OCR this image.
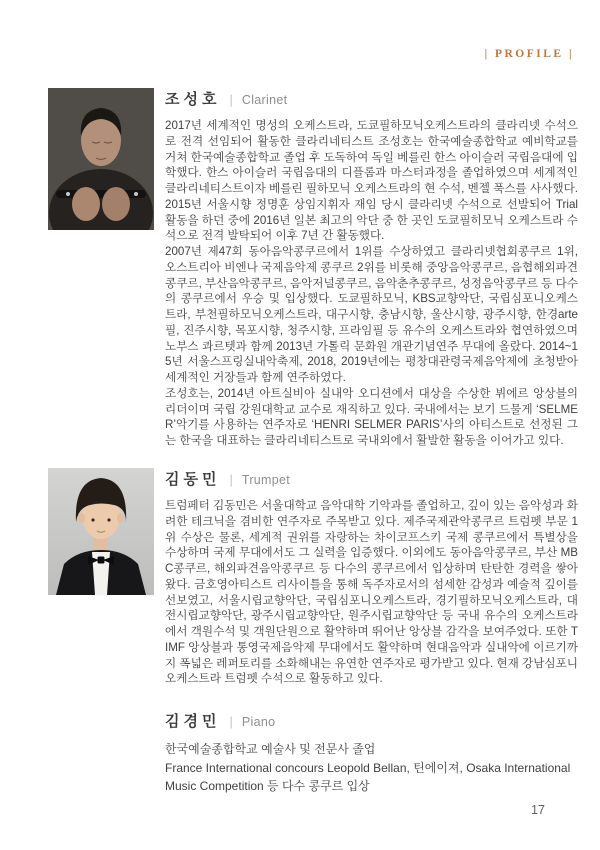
| PROFILE |
조성호 | Clarinet

2017년 세계적인 명성의 오케스트라, 도쿄필하모닉오케스트라의 클라리넷 수석으로 전격 선임되어 활동한 클라리네티스트 조성호는 한국예술종합학교 예비학교를 거쳐 한국예술종합학교 졸업 후 도독하여 독일 베를린 한스 아이슬러 국립음대에 입학했다. 한스 아이슬러 국립음대의 디플롬과 마스터과정을 졸업하였으며 세계적인 클라리네티스트이자 베를린 필하모닉 오케스트라의 현 수석, 벤젤 푹스를 사사했다. 2015년 서울시향 정명훈 상임지휘자 재임 당시 클라리넷 수석으로 선발되어 Trial 활동을 하던 중에 2016년 일본 최고의 악단 중 한 곳인 도쿄필히모닉 오케스트라 수석으로 전격 발탁되어 이후 7년 간 활동했다.

2007년 제47회 동아음악콩쿠르에서 1위를 수상하였고 클라리넷협회콩쿠르 1위, 오스트리아 비엔나 국제음악제 콩쿠르 2위를 비롯해 중앙음악콩쿠르, 음협해외파견콩쿠르, 부산음악콩쿠르, 음악저널콩쿠르, 음악춘추콩쿠르, 성정음악콩쿠르 등 다수의 콩쿠르에서 우승 및 입상했다. 도쿄필하모닉, KBS교향악단, 국립심포니오케스트라, 부천필하모닉오케스트라, 대구시향, 충남시향, 울산시향, 광주시향, 한경arte필, 진주시향, 목포시향, 청주시향, 프라임필 등 유수의 오케스트라와 협연하였으며 노부스 콰르텟과 함께 2013년 가톨릭 문화원 개관기념연주 무대에 올랐다. 2014~15년 서울스프링실내악축제, 2018, 2019년에는 평창대관령국제음악제에 초청받아 세계적인 거장들과 함께 연주하였다.

조성호는, 2014년 아트실비아 실내악 오디션에서 대상을 수상한 뷔에르 앙상블의 리더이며 국립 강원대학교 교수로 재직하고 있다. 국내에서는 보기 드물게 ‘SELMER’악기를 사용하는 연주자로 ‘HENRI SELMER PARIS’사의 아티스트로 선정된 그는 한국을 대표하는 클라리네티스트로 국내외에서 활발한 활동을 이어가고 있다.

김동민 | Trumpet

트럼페터 김동민은 서울대학교 음악대학 기악과를 졸업하고, 깊이 있는 음악성과 화려한 테크닉을 겸비한 연주자로 주목받고 있다. 제주국제관악콩쿠르 트럼펫 부문 1위 수상은 물론, 세계적 권위를 자랑하는 차이코프스키 국제 콩쿠르에서 특별상을 수상하며 국제 무대에서도 그 실력을 입증했다. 이외에도 동아음악콩쿠르, 부산 MBC콩쿠르, 해외파견음악콩쿠르 등 다수의 콩쿠르에서 입상하며 탄탄한 경력을 쌓아왔다. 금호영아티스트 리사이틀을 통해 독주자로서의 섬세한 감성과 예술적 깊이를 선보였고, 서울시립교향악단, 국립심포니오케스트라, 경기필하모닉오케스트라, 대전시립교향악단, 광주시립교향악단, 원주시립교향악단 등 국내 유수의 오케스트라에서 객원수석 및 객원단원으로 활약하며 뛰어난 앙상블 감각을 보여주었다. 또한 TIMF 앙상블과 통영국제음악제 무대에서도 활약하며 현대음악과 실내악에 이르기까지 폭넓은 레퍼토리를 소화해내는 유연한 연주자로 평가받고 있다. 현재 강남심포니오케스트라 트럼펫 수석으로 활동하고 있다.

김경민 | Piano

한국예술종합학교 예술사 및 전문사 졸업

France International concours Leopold Bellan, 틴에이져, Osaka International Music Competition 등 다수 콩쿠르 입상

17
